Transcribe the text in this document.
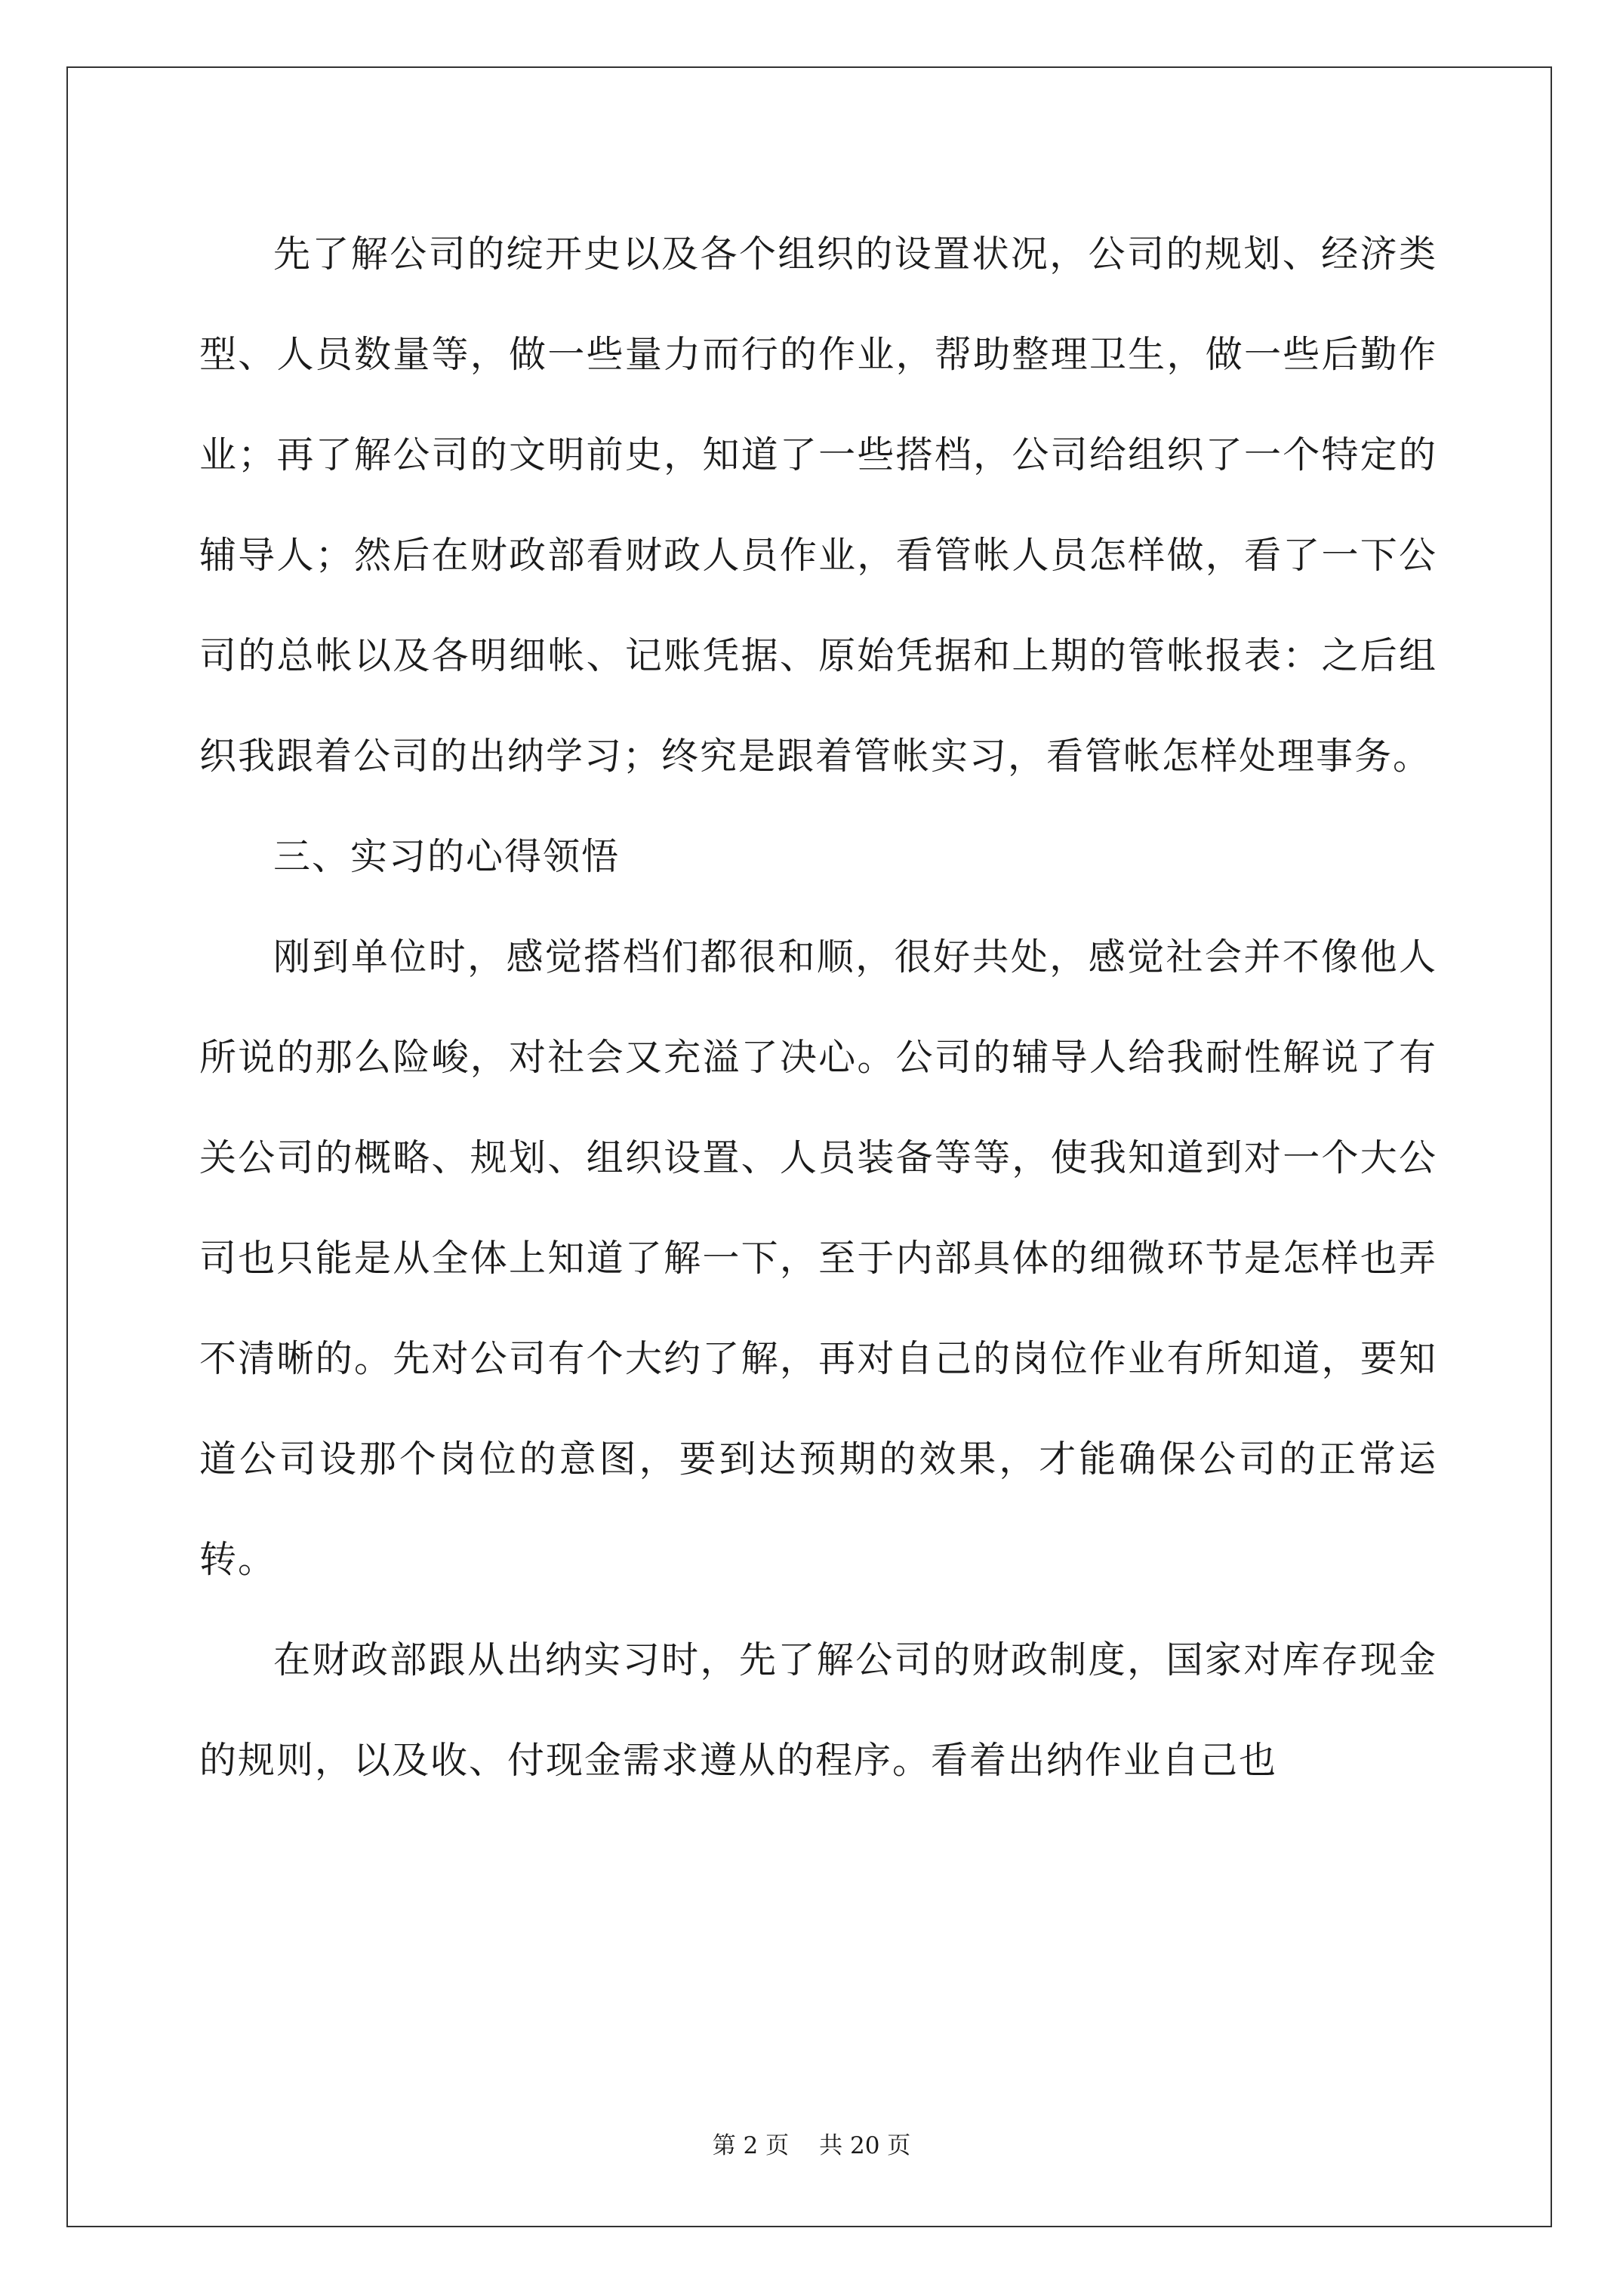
先了解公司的绽开史以及各个组织的设置状况，公司的规划、经济类型、人员数量等，做一些量力而行的作业，帮助整理卫生，做一些后勤作业；再了解公司的文明前史，知道了一些搭档，公司给组织了一个特定的辅导人；然后在财政部看财政人员作业，看管帐人员怎样做，看了一下公司的总帐以及各明细帐、记账凭据、原始凭据和上期的管帐报表：之后组织我跟着公司的出纳学习；终究是跟着管帐实习，看管帐怎样处理事务。

三、实习的心得领悟

刚到单位时，感觉搭档们都很和顺，很好共处，感觉社会并不像他人所说的那么险峻，对社会又充溢了决心。公司的辅导人给我耐性解说了有关公司的概略、规划、组织设置、人员装备等等，使我知道到对一个大公司也只能是从全体上知道了解一下，至于内部具体的细微环节是怎样也弄不清晰的。先对公司有个大约了解，再对自己的岗位作业有所知道，要知道公司设那个岗位的意图，要到达预期的效果，才能确保公司的正常运转。

在财政部跟从出纳实习时，先了解公司的财政制度，国家对库存现金的规则，以及收、付现金需求遵从的程序。看着出纳作业自己也

第 2 页 共 20 页
